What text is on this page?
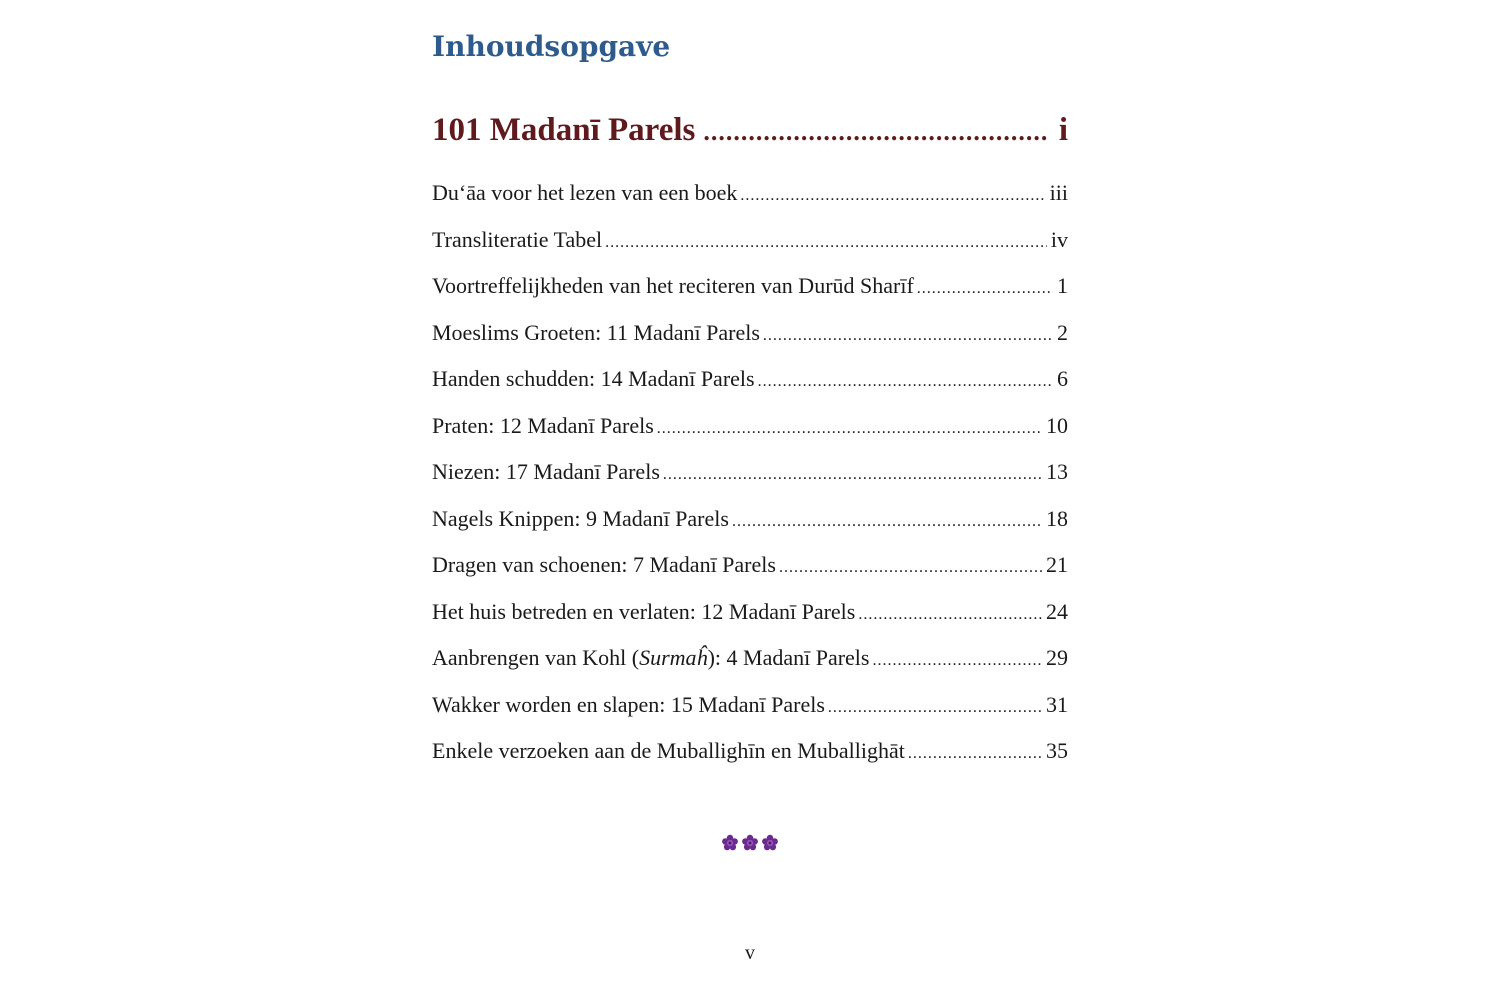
Inhoudsopgave
101 Madanī Parels .....	i
Du‘āa voor het lezen van een boek .....	iii
Transliteratie Tabel .....	iv
Voortreffelijkheden van het reciteren van Durūd Sharīf .....	1
Moeslims Groeten: 11 Madanī Parels .....	2
Handen schudden: 14 Madanī Parels .....	6
Praten: 12 Madanī Parels .....	10
Niezen: 17 Madanī Parels .....	13
Nagels Knippen: 9 Madanī Parels .....	18
Dragen van schoenen: 7 Madanī Parels .....	21
Het huis betreden en verlaten: 12 Madanī Parels .....	24
Aanbrengen van Kohl (Surmaĥ): 4 Madanī Parels .....	29
Wakker worden en slapen: 15 Madanī Parels .....	31
Enkele verzoeken aan de Muballighīn en Muballighāt .....	35
v
